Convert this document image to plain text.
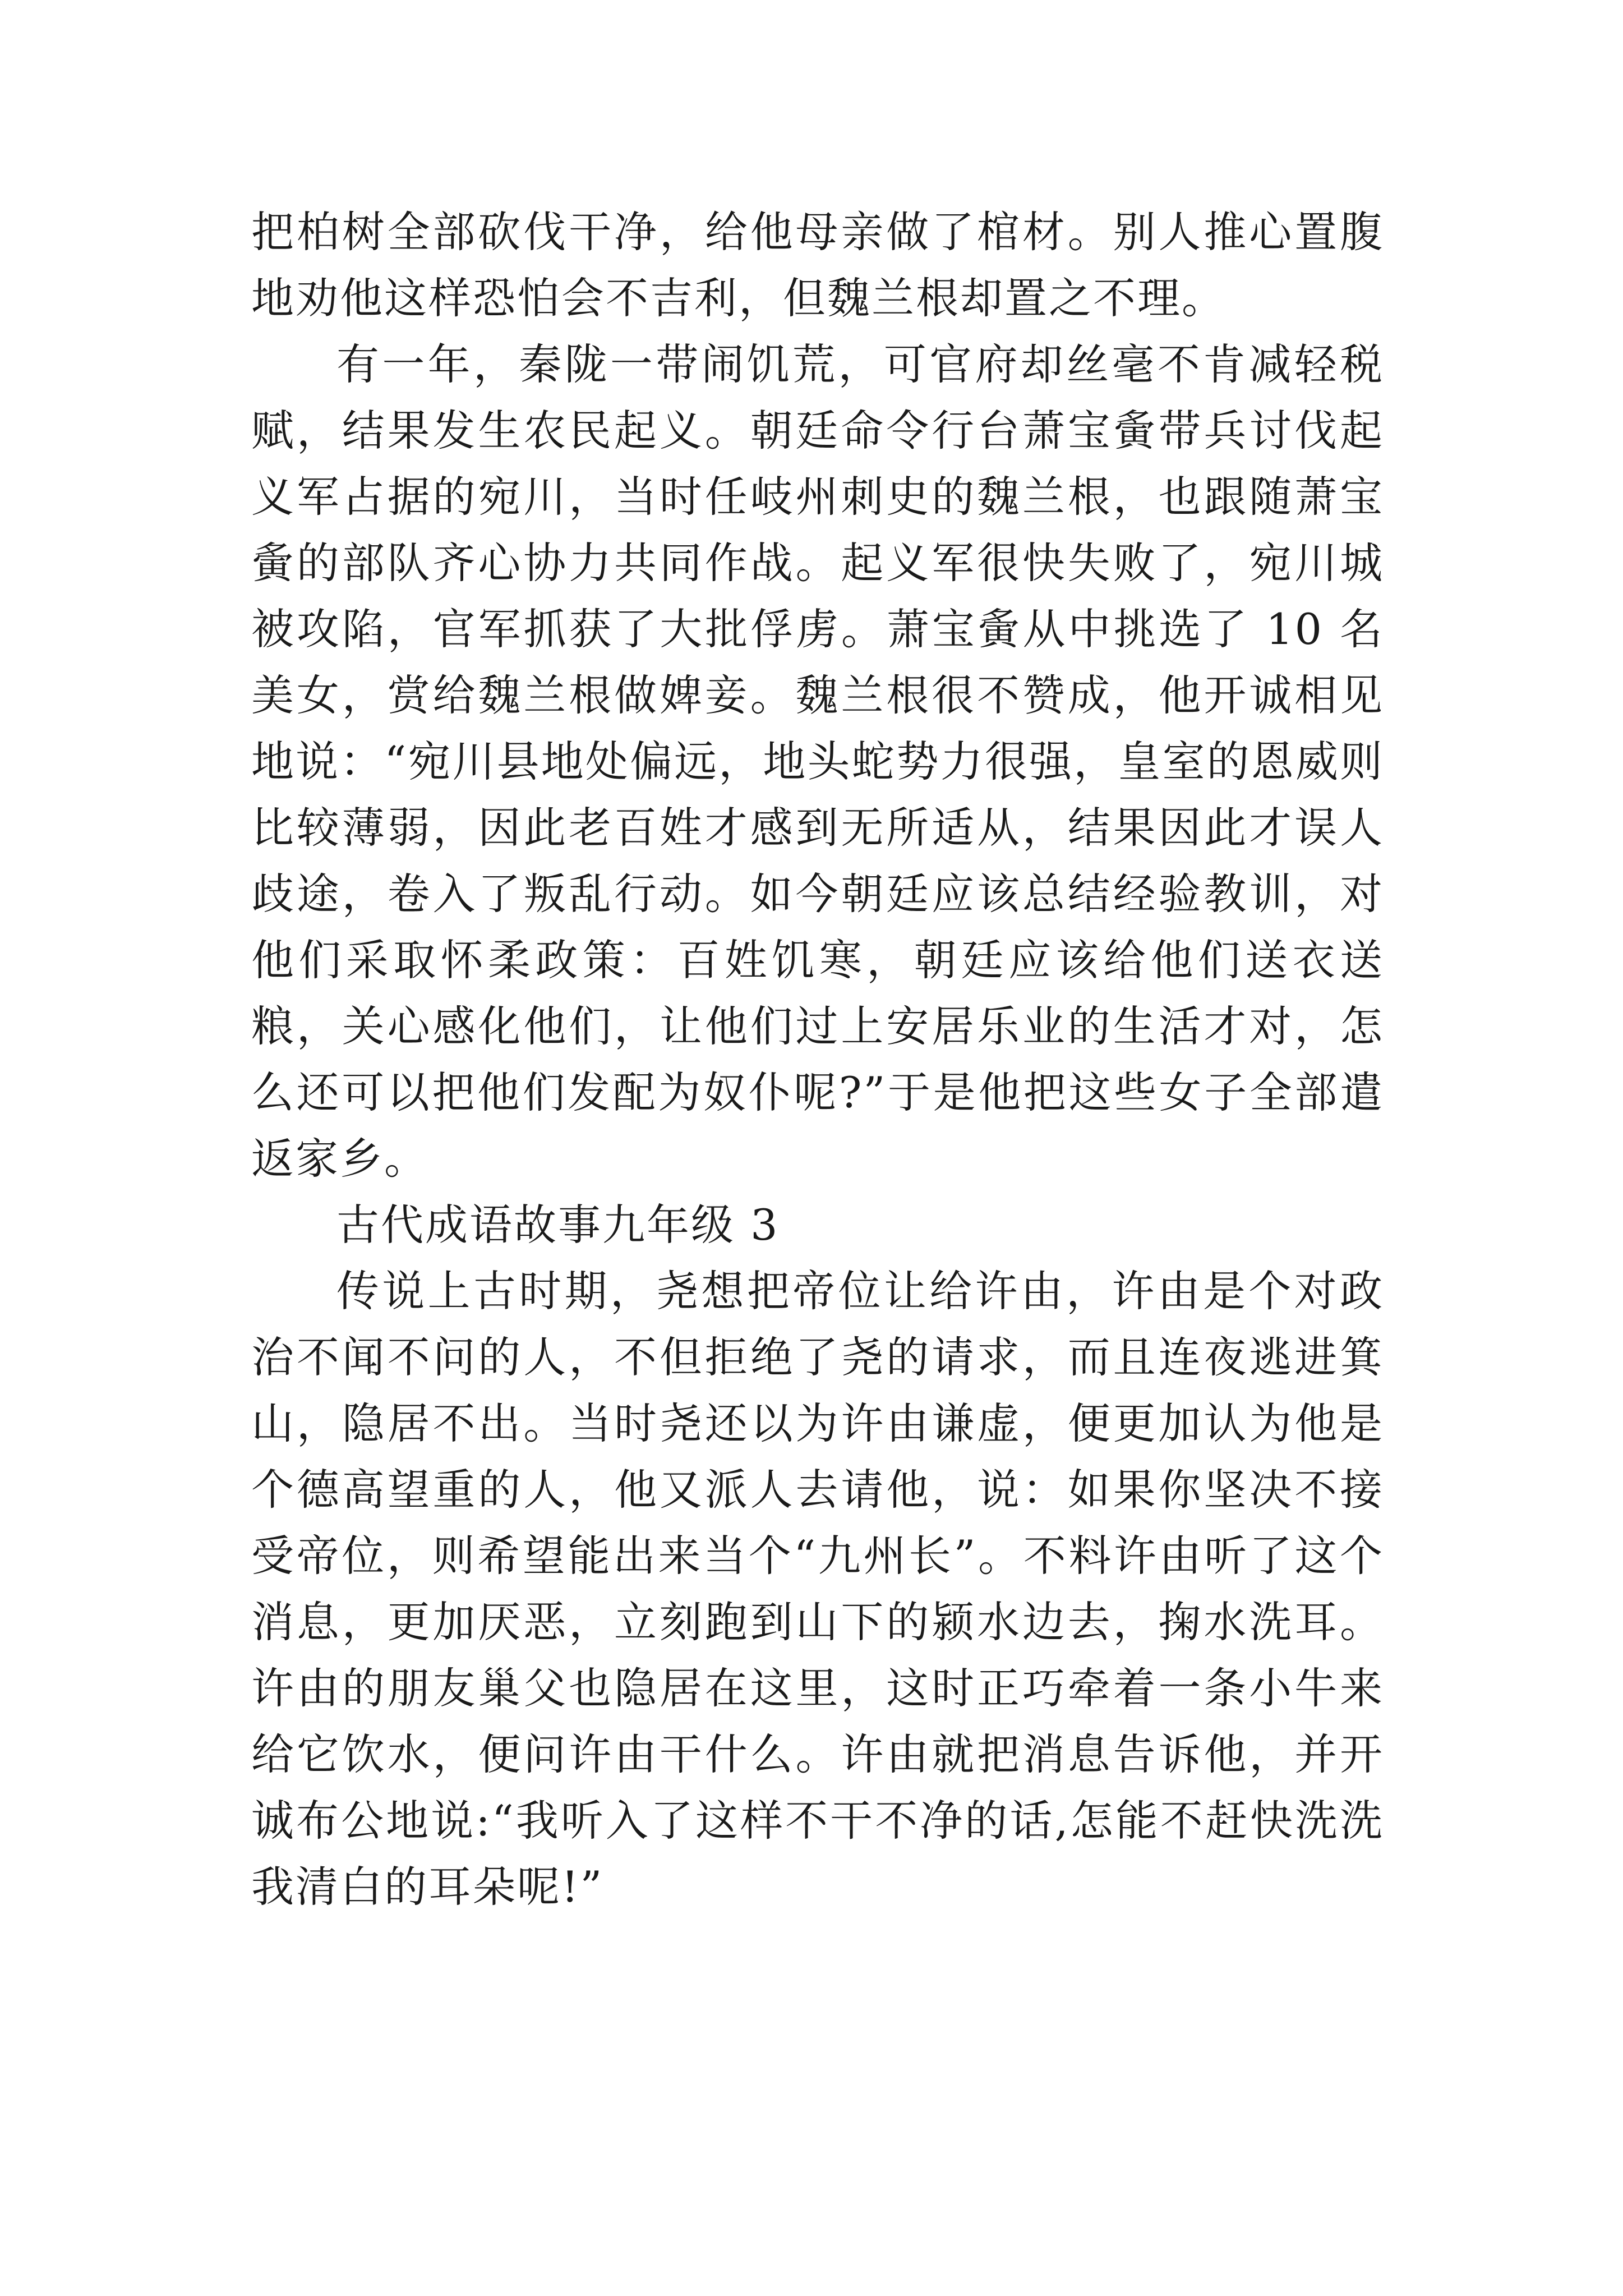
把柏树全部砍伐干净，给他母亲做了棺材。别人推心置腹地劝他这样恐怕会不吉利，但魏兰根却置之不理。

有一年，秦陇一带闹饥荒，可官府却丝毫不肯减轻税赋，结果发生农民起义。朝廷命令行台萧宝夤带兵讨伐起义军占据的宛川，当时任岐州刺史的魏兰根，也跟随萧宝夤的部队齐心协力共同作战。起义军很快失败了，宛川城被攻陷，官军抓获了大批俘虏。萧宝夤从中挑选了 10 名美女，赏给魏兰根做婢妾。魏兰根很不赞成，他开诚相见地说：“宛川县地处偏远，地头蛇势力很强，皇室的恩威则比较薄弱，因此老百姓才感到无所适从，结果因此才误人歧途，卷入了叛乱行动。如今朝廷应该总结经验教训，对他们采取怀柔政策：百姓饥寒，朝廷应该给他们送衣送粮，关心感化他们，让他们过上安居乐业的生活才对，怎么还可以把他们发配为奴仆呢?”于是他把这些女子全部遣返家乡。

古代成语故事九年级 3

传说上古时期，尧想把帝位让给许由，许由是个对政治不闻不问的人，不但拒绝了尧的请求，而且连夜逃进箕山，隐居不出。当时尧还以为许由谦虚，便更加认为他是个德高望重的人，他又派人去请他，说：如果你坚决不接受帝位，则希望能出来当个“九州长”。不料许由听了这个消息，更加厌恶，立刻跑到山下的颍水边去，掬水洗耳。许由的朋友巢父也隐居在这里，这时正巧牵着一条小牛来给它饮水，便问许由干什么。许由就把消息告诉他，并开诚布公地说:“我听入了这样不干不净的话,怎能不赶快洗洗我清白的耳朵呢!”
